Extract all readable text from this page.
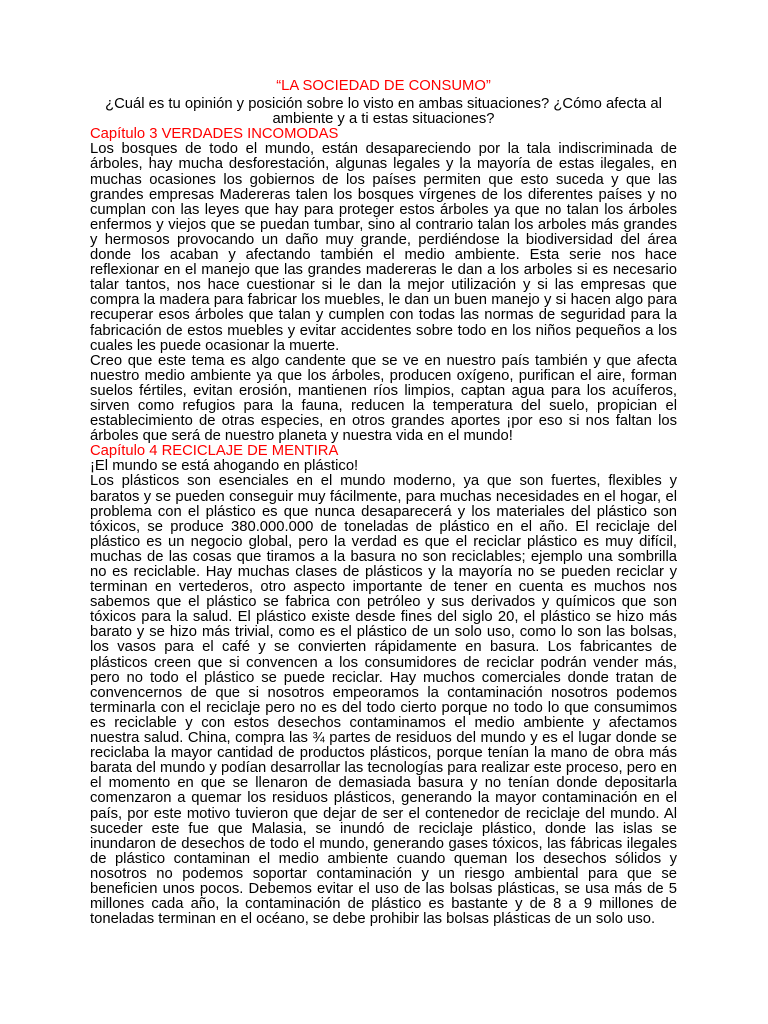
“LA SOCIEDAD DE CONSUMO”

¿Cuál es tu opinión y posición sobre lo visto en ambas situaciones? ¿Cómo afecta al ambiente y a ti estas situaciones?

Capítulo 3 VERDADES INCOMODAS

Los bosques de todo el mundo, están desapareciendo por la tala indiscriminada de árboles, hay mucha desforestación, algunas legales y la mayoría de estas ilegales, en muchas ocasiones los gobiernos de los países permiten que esto suceda y que las grandes empresas Madereras talen los bosques vírgenes de los diferentes países y no cumplan con las leyes que hay para proteger estos árboles ya que no talan los árboles enfermos y viejos que se puedan tumbar, sino al contrario talan los arboles más grandes y hermosos provocando un daño muy grande, perdiéndose la biodiversidad del área donde los acaban y afectando también el medio ambiente. Esta serie nos hace reflexionar en el manejo que las grandes madereras le dan a los arboles si es necesario talar tantos, nos hace cuestionar si le dan la mejor utilización y si las empresas que compra la madera para fabricar los muebles, le dan un buen manejo y si hacen algo para recuperar esos árboles que talan y cumplen con todas las normas de seguridad para la fabricación de estos muebles y evitar accidentes sobre todo en los niños pequeños a los cuales les puede ocasionar la muerte.

Creo que este tema es algo candente que se ve en nuestro país también y que afecta nuestro medio ambiente ya que los árboles, producen oxígeno, purifican el aire, forman suelos fértiles, evitan erosión, mantienen ríos limpios, captan agua para los acuíferos, sirven como refugios para la fauna, reducen la temperatura del suelo, propician el establecimiento de otras especies, en otros grandes aportes ¡por eso si nos faltan los árboles que será de nuestro planeta y nuestra vida en el mundo!

Capítulo 4 RECICLAJE DE MENTIRA

¡El mundo se está ahogando en plástico!

Los plásticos son esenciales en el mundo moderno, ya que son fuertes, flexibles y baratos y se pueden conseguir muy fácilmente, para muchas necesidades en el hogar, el problema con el plástico es que nunca desaparecerá y los materiales del plástico son tóxicos, se produce 380.000.000 de toneladas de plástico en el año. El reciclaje del plástico es un negocio global, pero la verdad es que el reciclar plástico es muy difícil, muchas de las cosas que tiramos a la basura no son reciclables; ejemplo una sombrilla no es reciclable. Hay muchas clases de plásticos y la mayoría no se pueden reciclar y terminan en vertederos, otro aspecto importante de tener en cuenta es muchos nos sabemos que el plástico se fabrica con petróleo y sus derivados y químicos que son tóxicos para la salud. El plástico existe desde fines del siglo 20, el plástico se hizo más barato y se hizo más trivial, como es el plástico de un solo uso, como lo son las bolsas, los vasos para el café y se convierten rápidamente en basura. Los fabricantes de plásticos creen que si convencen a los consumidores de reciclar podrán vender más, pero no todo el plástico se puede reciclar. Hay muchos comerciales donde tratan de convencernos de que si nosotros empeoramos la contaminación nosotros podemos terminarla con el reciclaje pero no es del todo cierto porque no todo lo que consumimos es reciclable y con estos desechos contaminamos el medio ambiente y afectamos nuestra salud. China, compra las ¾ partes de residuos del mundo y es el lugar donde se reciclaba la mayor cantidad de productos plásticos, porque tenían la mano de obra más barata del mundo y podían desarrollar las tecnologías para realizar este proceso, pero en el momento en que se llenaron de demasiada basura y no tenían donde depositarla comenzaron a quemar los residuos plásticos, generando la mayor contaminación en el país, por este motivo tuvieron que dejar de ser el contenedor de reciclaje del mundo. Al suceder este fue que Malasia, se inundó de reciclaje plástico, donde las islas se inundaron de desechos de todo el mundo, generando gases tóxicos, las fábricas ilegales de plástico contaminan el medio ambiente cuando queman los desechos sólidos y nosotros no podemos soportar contaminación y un riesgo ambiental para que se beneficien unos pocos. Debemos evitar el uso de las bolsas plásticas, se usa más de 5 millones cada año, la contaminación de plástico es bastante y de 8 a 9 millones de toneladas terminan en el océano, se debe prohibir las bolsas plásticas de un solo uso.
